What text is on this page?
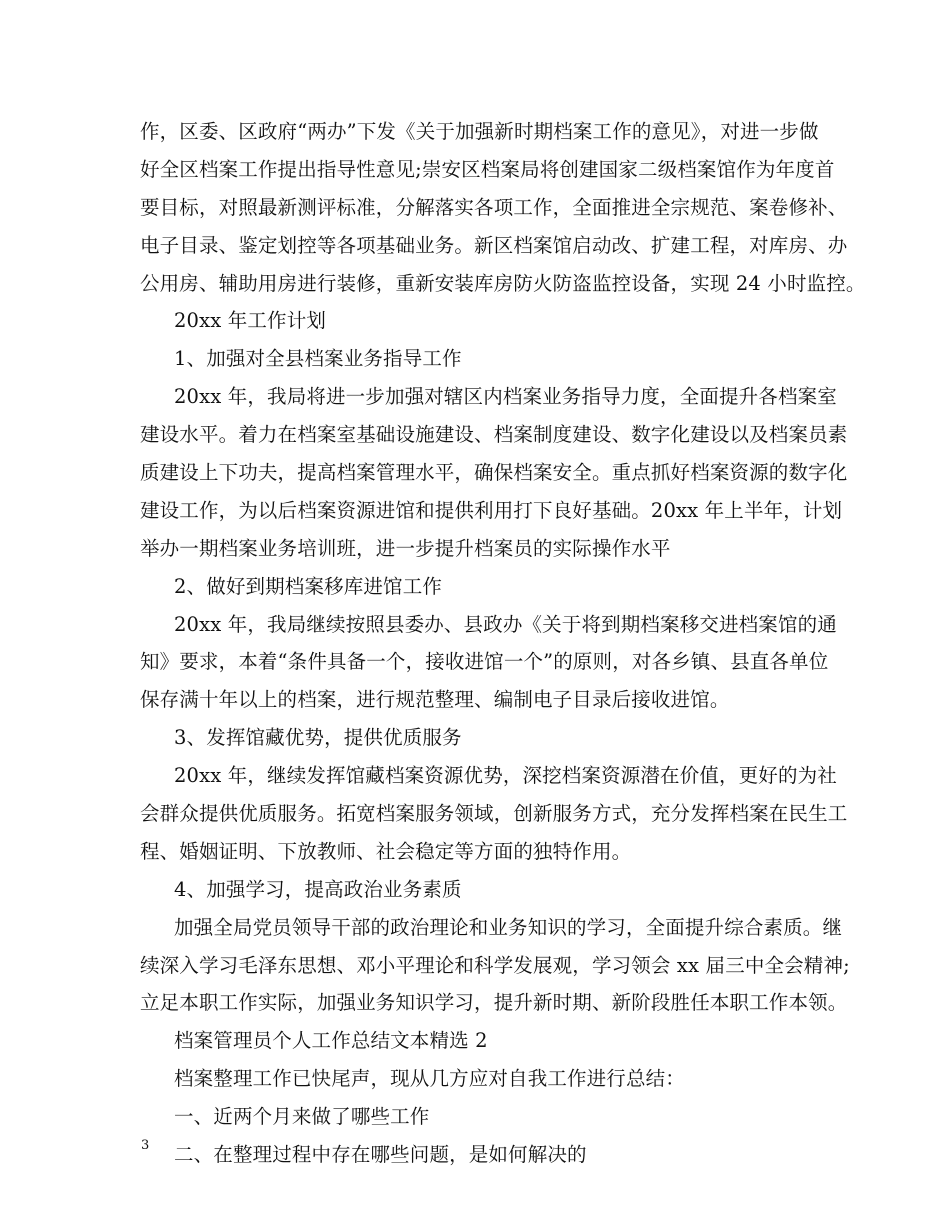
作，区委、区政府“两办”下发《关于加强新时期档案工作的意见》，对进一步做
好全区档案工作提出指导性意见;崇安区档案局将创建国家二级档案馆作为年度首
要目标，对照最新测评标准，分解落实各项工作，全面推进全宗规范、案卷修补、
电子目录、鉴定划控等各项基础业务。新区档案馆启动改、扩建工程，对库房、办
公用房、辅助用房进行装修，重新安装库房防火防盗监控设备，实现 24 小时监控。
20xx 年工作计划
1、加强对全县档案业务指导工作
20xx 年，我局将进一步加强对辖区内档案业务指导力度，全面提升各档案室
建设水平。着力在档案室基础设施建设、档案制度建设、数字化建设以及档案员素
质建设上下功夫，提高档案管理水平，确保档案安全。重点抓好档案资源的数字化
建设工作，为以后档案资源进馆和提供利用打下良好基础。20xx 年上半年，计划
举办一期档案业务培训班，进一步提升档案员的实际操作水平
2、做好到期档案移库进馆工作
20xx 年，我局继续按照县委办、县政办《关于将到期档案移交进档案馆的通
知》要求，本着“条件具备一个，接收进馆一个”的原则，对各乡镇、县直各单位
保存满十年以上的档案，进行规范整理、编制电子目录后接收进馆。
3、发挥馆藏优势，提供优质服务
20xx 年，继续发挥馆藏档案资源优势，深挖档案资源潜在价值，更好的为社
会群众提供优质服务。拓宽档案服务领域，创新服务方式，充分发挥档案在民生工
程、婚姻证明、下放教师、社会稳定等方面的独特作用。
4、加强学习，提高政治业务素质
加强全局党员领导干部的政治理论和业务知识的学习，全面提升综合素质。继
续深入学习毛泽东思想、邓小平理论和科学发展观，学习领会 xx 届三中全会精神;
立足本职工作实际，加强业务知识学习，提升新时期、新阶段胜任本职工作本领。
档案管理员个人工作总结文本精选 2
档案整理工作已快尾声，现从几方应对自我工作进行总结：
一、近两个月来做了哪些工作
二、在整理过程中存在哪些问题，是如何解决的
3
